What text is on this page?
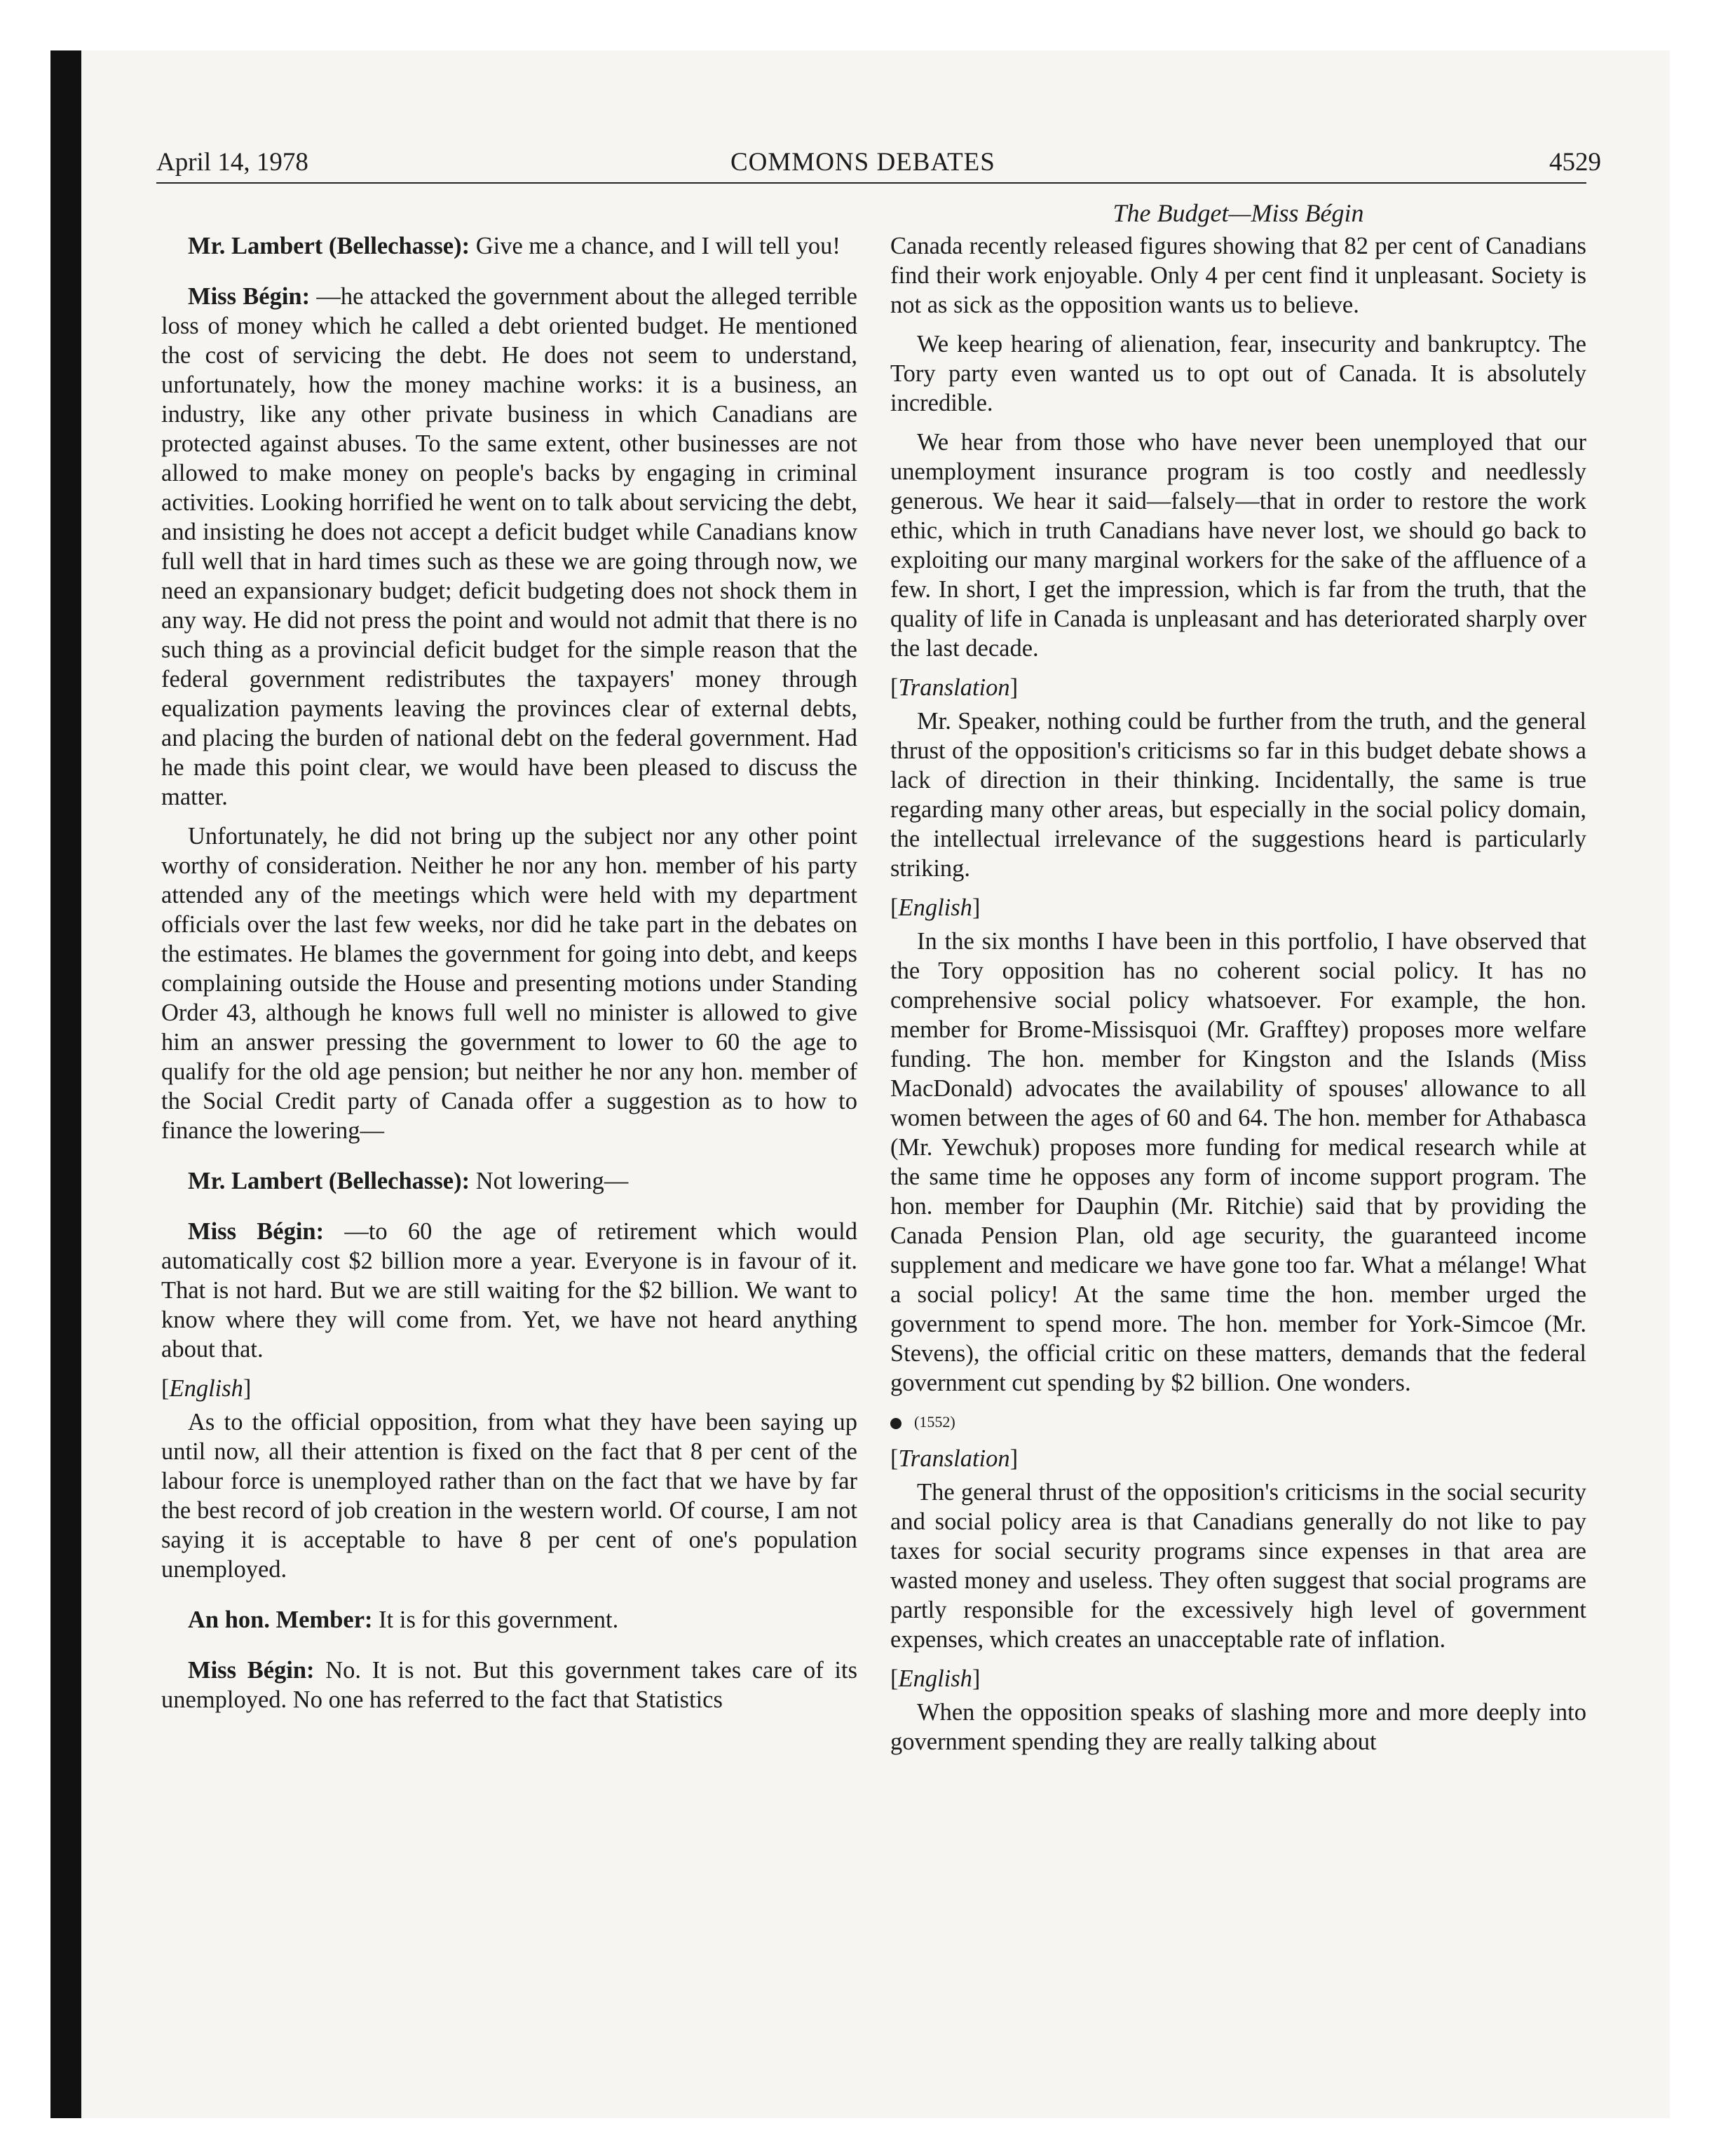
April 14, 1978	COMMONS DEBATES	4529
The Budget—Miss Bégin

Mr. Lambert (Bellechasse): Give me a chance, and I will tell you!

Miss Bégin: —he attacked the government about the alleged terrible loss of money which he called a debt oriented budget. He mentioned the cost of servicing the debt. He does not seem to understand, unfortunately, how the money machine works: it is a business, an industry, like any other private business in which Canadians are protected against abuses. To the same extent, other businesses are not allowed to make money on people's backs by engaging in criminal activities. Looking horrified he went on to talk about servicing the debt, and insisting he does not accept a deficit budget while Canadians know full well that in hard times such as these we are going through now, we need an expansionary budget; deficit budgeting does not shock them in any way. He did not press the point and would not admit that there is no such thing as a provincial deficit budget for the simple reason that the federal government redistributes the taxpayers' money through equalization payments leaving the provinces clear of external debts, and placing the burden of national debt on the federal government. Had he made this point clear, we would have been pleased to discuss the matter.

Unfortunately, he did not bring up the subject nor any other point worthy of consideration. Neither he nor any hon. member of his party attended any of the meetings which were held with my department officials over the last few weeks, nor did he take part in the debates on the estimates. He blames the government for going into debt, and keeps complaining outside the House and presenting motions under Standing Order 43, although he knows full well no minister is allowed to give him an answer pressing the government to lower to 60 the age to qualify for the old age pension; but neither he nor any hon. member of the Social Credit party of Canada offer a suggestion as to how to finance the lowering—

Mr. Lambert (Bellechasse): Not lowering—

Miss Bégin: —to 60 the age of retirement which would automatically cost $2 billion more a year. Everyone is in favour of it. That is not hard. But we are still waiting for the $2 billion. We want to know where they will come from. Yet, we have not heard anything about that.

[English]

As to the official opposition, from what they have been saying up until now, all their attention is fixed on the fact that 8 per cent of the labour force is unemployed rather than on the fact that we have by far the best record of job creation in the western world. Of course, I am not saying it is acceptable to have 8 per cent of one's population unemployed.

An hon. Member: It is for this government.

Miss Bégin: No. It is not. But this government takes care of its unemployed. No one has referred to the fact that Statistics

Canada recently released figures showing that 82 per cent of Canadians find their work enjoyable. Only 4 per cent find it unpleasant. Society is not as sick as the opposition wants us to believe.

We keep hearing of alienation, fear, insecurity and bankruptcy. The Tory party even wanted us to opt out of Canada. It is absolutely incredible.

We hear from those who have never been unemployed that our unemployment insurance program is too costly and needlessly generous. We hear it said—falsely—that in order to restore the work ethic, which in truth Canadians have never lost, we should go back to exploiting our many marginal workers for the sake of the affluence of a few. In short, I get the impression, which is far from the truth, that the quality of life in Canada is unpleasant and has deteriorated sharply over the last decade.

[Translation]

Mr. Speaker, nothing could be further from the truth, and the general thrust of the opposition's criticisms so far in this budget debate shows a lack of direction in their thinking. Incidentally, the same is true regarding many other areas, but especially in the social policy domain, the intellectual irrelevance of the suggestions heard is particularly striking.

[English]

In the six months I have been in this portfolio, I have observed that the Tory opposition has no coherent social policy. It has no comprehensive social policy whatsoever. For example, the hon. member for Brome-Missisquoi (Mr. Grafftey) proposes more welfare funding. The hon. member for Kingston and the Islands (Miss MacDonald) advocates the availability of spouses' allowance to all women between the ages of 60 and 64. The hon. member for Athabasca (Mr. Yewchuk) proposes more funding for medical research while at the same time he opposes any form of income support program. The hon. member for Dauphin (Mr. Ritchie) said that by providing the Canada Pension Plan, old age security, the guaranteed income supplement and medicare we have gone too far. What a mélange! What a social policy! At the same time the hon. member urged the government to spend more. The hon. member for York-Simcoe (Mr. Stevens), the official critic on these matters, demands that the federal government cut spending by $2 billion. One wonders.

(1552)

[Translation]

The general thrust of the opposition's criticisms in the social security and social policy area is that Canadians generally do not like to pay taxes for social security programs since expenses in that area are wasted money and useless. They often suggest that social programs are partly responsible for the excessively high level of government expenses, which creates an unacceptable rate of inflation.

[English]

When the opposition speaks of slashing more and more deeply into government spending they are really talking about
